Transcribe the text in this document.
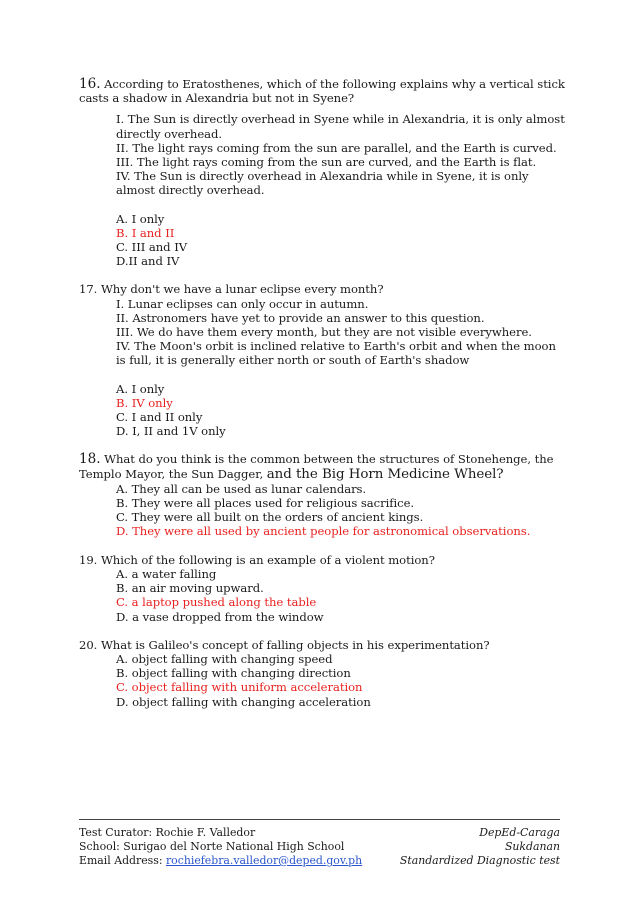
16. According to Eratosthenes, which of the following explains why a vertical stick casts a shadow in Alexandria but not in Syene?

I. The Sun is directly overhead in Syene while in Alexandria, it is only almost directly overhead.

II. The light rays coming from the sun are parallel, and the Earth is curved.

III. The light rays coming from the sun are curved, and the Earth is flat.

IV. The Sun is directly overhead in Alexandria while in Syene, it is only almost directly overhead.

A. I only

B. I and II

C. III and IV

D.II and IV

17. Why don't we have a lunar eclipse every month?

I. Lunar eclipses can only occur in autumn.

II. Astronomers have yet to provide an answer to this question.

III. We do have them every month, but they are not visible everywhere.

IV. The Moon's orbit is inclined relative to Earth's orbit and when the moon is full, it is generally either north or south of Earth's shadow

A. I only

B. IV only

C. I and II only

D. I, II and 1V only

18. What do you think is the common between the structures of Stonehenge, the Templo Mayor, the Sun Dagger, and the Big Horn Medicine Wheel?

A. They all can be used as lunar calendars.

B. They were all places used for religious sacrifice.

C. They were all built on the orders of ancient kings.

D. They were all used by ancient people for astronomical observations.

19. Which of the following is an example of a violent motion?

A. a water falling

B. an air moving upward.

C. a laptop pushed along the table

D. a vase dropped from the window

20. What is Galileo's concept of falling objects in his experimentation?

A. object falling with changing speed

B. object falling with changing direction

C. object falling with uniform acceleration

D. object falling with changing acceleration

Test Curator: Rochie F. Valledor	DepEd-Caraga
School: Surigao del Norte National High School	Sukdanan
Email Address: rochiefebra.valledor@deped.gov.ph	Standardized Diagnostic test
